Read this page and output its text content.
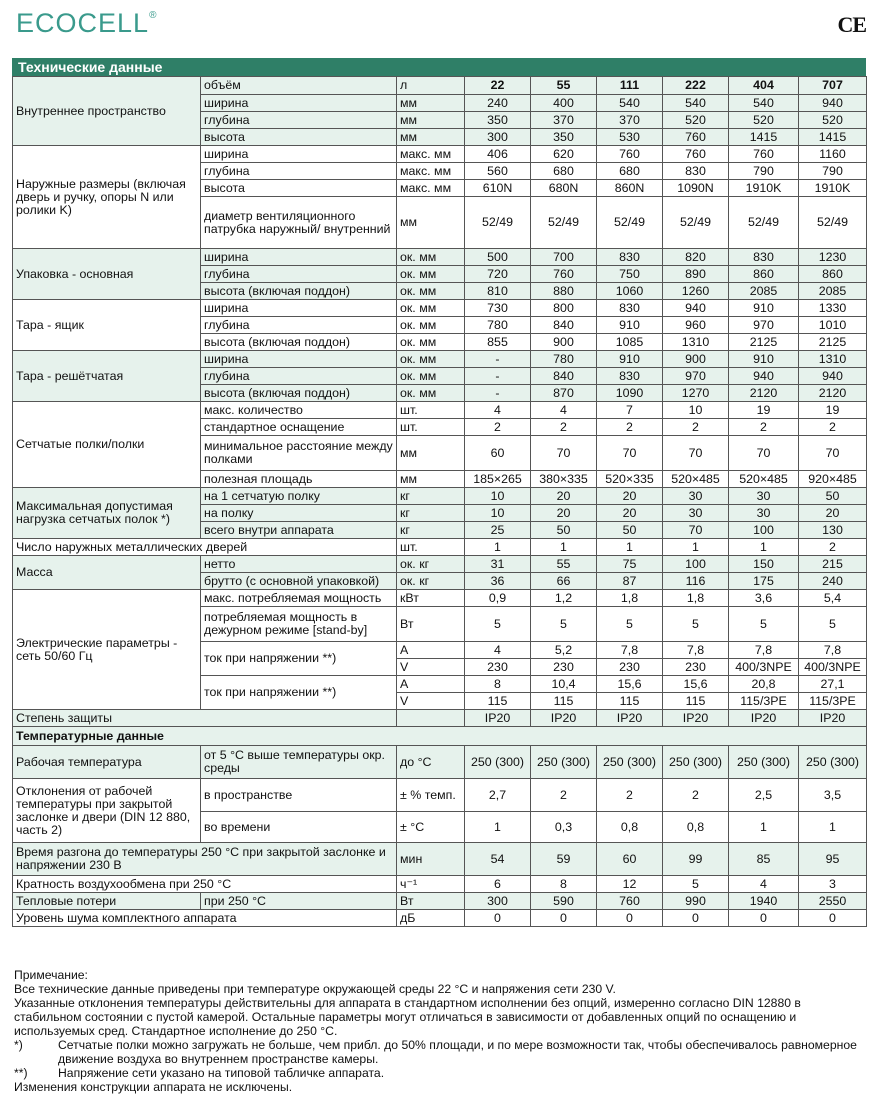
ECOCELL®	CE
Технические данные
Внутреннее пространство	объём	л	22	55	111	222	404	707
	ширина	мм	240	400	540	540	540	940
	глубина	мм	350	370	370	520	520	520
	высота	мм	300	350	530	760	1415	1415
Наружные размеры (включая дверь и ручку, опоры N или ролики K)	ширина	макс. мм	406	620	760	760	760	1160
	глубина	макс. мм	560	680	680	830	790	790
	высота	макс. мм	610N	680N	860N	1090N	1910K	1910K
	диаметр вентиляционного патрубка наружный/ внутренний	мм	52/49	52/49	52/49	52/49	52/49	52/49
Упаковка - основная	ширина	ок. мм	500	700	830	820	830	1230
	глубина	ок. мм	720	760	750	890	860	860
	высота (включая поддон)	ок. мм	810	880	1060	1260	2085	2085
Тара - ящик	ширина	ок. мм	730	800	830	940	910	1330
	глубина	ок. мм	780	840	910	960	970	1010
	высота (включая поддон)	ок. мм	855	900	1085	1310	2125	2125
Тара - решётчатая	ширина	ок. мм	-	780	910	900	910	1310
	глубина	ок. мм	-	840	830	970	940	940
	высота (включая поддон)	ок. мм	-	870	1090	1270	2120	2120
Сетчатые полки/полки	макс. количество	шт.	4	4	7	10	19	19
	стандартное оснащение	шт.	2	2	2	2	2	2
	минимальное расстояние между полками	мм	60	70	70	70	70	70
	полезная площадь	мм	185×265	380×335	520×335	520×485	520×485	920×485
Максимальная допустимая нагрузка сетчатых полок *)	на 1 сетчатую полку	кг	10	20	20	30	30	50
	на полку	кг	10	20	20	30	30	20
	всего внутри аппарата	кг	25	50	50	70	100	130
Число наружных металлических дверей		шт.	1	1	1	1	1	2
Масса	нетто	ок. кг	31	55	75	100	150	215
	брутто (с основной упаковкой)	ок. кг	36	66	87	116	175	240
Электрические параметры - сеть 50/60 Гц	макс. потребляемая мощность	кВт	0,9	1,2	1,8	1,8	3,6	5,4
	потребляемая мощность в дежурном режиме [stand-by]	Вт	5	5	5	5	5	5
	ток при напряжении **)	A	4	5,2	7,8	7,8	7,8	7,8
		V	230	230	230	230	400/3NPE	400/3NPE
	ток при напряжении **)	A	8	10,4	15,6	15,6	20,8	27,1
		V	115	115	115	115	115/3PE	115/3PE
Степень защиты			IP20	IP20	IP20	IP20	IP20	IP20
Температурные данные								
Рабочая температура	от 5 °C выше температуры окр. среды	до °C	250 (300)	250 (300)	250 (300)	250 (300)	250 (300)	250 (300)
Отклонения от рабочей температуры при закрытой заслонке и двери (DIN 12 880, часть 2)	в пространстве	± % темп.	2,7	2	2	2	2,5	3,5
	во времени	± °C	1	0,3	0,8	0,8	1	1
Время разгона до температуры 250 °C при закрытой заслонке и напряжении 230 В		мин	54	59	60	99	85	95
Кратность воздухообмена при 250 °C		ч⁻¹	6	8	12	5	4	3
Тепловые потери	при 250 °C	Вт	300	590	760	990	1940	2550
Уровень шума комплектного аппарата		дБ	0	0	0	0	0	0
Примечание:
Все технические данные приведены при температуре окружающей среды 22 °C и напряжения сети 230 V.
Указанные отклонения температуры действительны для аппарата в стандартном исполнении без опций, измеренно согласно DIN 12880 в стабильном состоянии с пустой камерой. Остальные параметры могут отличаться в зависимости от добавленных опций по оснащению и используемых сред. Стандартное исполнение до 250 °C.
*)	Сетчатые полки можно загружать не больше, чем прибл. до 50% площади, и по мере возможности так, чтобы обеспечивалось равномерное движение воздуха во внутреннем пространстве камеры.
**) Напряжение сети указано на типовой табличке аппарата.
Изменения конструкции аппарата не исключены.
